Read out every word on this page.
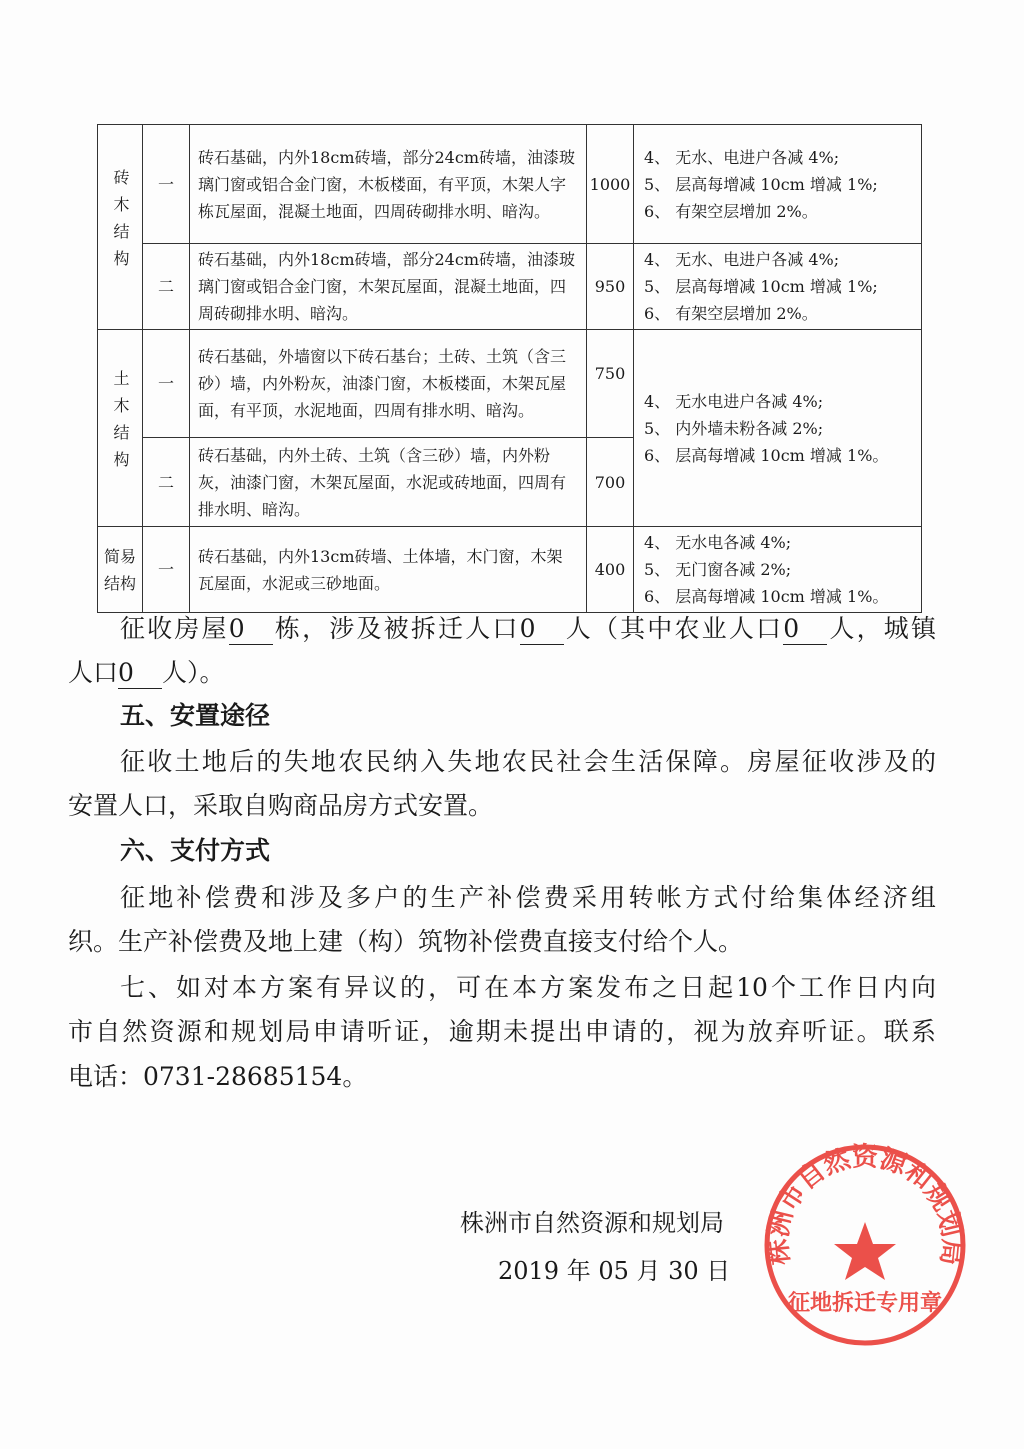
砖木结构	一	砖石基础，内外18cm砖墙，部分24cm砖墙，油漆玻璃门窗或铝合金门窗，木板楼面，有平顶，木架人字栋瓦屋面，混凝土地面，四周砖砌排水明、暗沟。	1000	4、 无水、电进户各减 4%;
5、 层高每增减 10cm 增减 1%;
6、 有架空层增加 2%。

	二	砖石基础，内外18cm砖墙，部分24cm砖墙，油漆玻璃门窗或铝合金门窗，木架瓦屋面，混凝土地面，四周砖砌排水明、暗沟。	950	4、 无水、电进户各减 4%;
5、 层高每增减 10cm 增减 1%;
6、 有架空层增加 2%。

土木结构	一	砖石基础，外墙窗以下砖石基台；土砖、土筑（含三砂）墙，内外粉灰，油漆门窗，木板楼面，木架瓦屋面，有平顶，水泥地面，四周有排水明、暗沟。	750	4、 无水电进户各减 4%;
5、 内外墙未粉各减 2%;
6、 层高每增减 10cm 增减 1%。

	二	砖石基础，内外土砖、土筑（含三砂）墙，内外粉灰，油漆门窗，木架瓦屋面，水泥或砖地面，四周有排水明、暗沟。	700	
简易结构	一	砖石基础，内外13cm砖墙、土体墙，木门窗，木架瓦屋面，水泥或三砂地面。	400	4、 无水电各减 4%;
5、 无门窗各减 2%;
6、 层高每增减 10cm 增减 1%。
征收房屋0 栋，涉及被拆迁人口0 人（其中农业人口0 人，城镇
人口0 人）。
五、安置途径
征收土地后的失地农民纳入失地农民社会生活保障。房屋征收涉及的
安置人口，采取自购商品房方式安置。
六、支付方式
征地补偿费和涉及多户的生产补偿费采用转帐方式付给集体经济组
织。生产补偿费及地上建（构）筑物补偿费直接支付给个人。
七、如对本方案有异议的，可在本方案发布之日起10个工作日内向
市自然资源和规划局申请听证，逾期未提出申请的，视为放弃听证。联系
电话：0731-28685154。
株洲市自然资源和规划局
2019 年 05 月 30 日
株洲市自然资源和规划局
征地拆迁专用章
